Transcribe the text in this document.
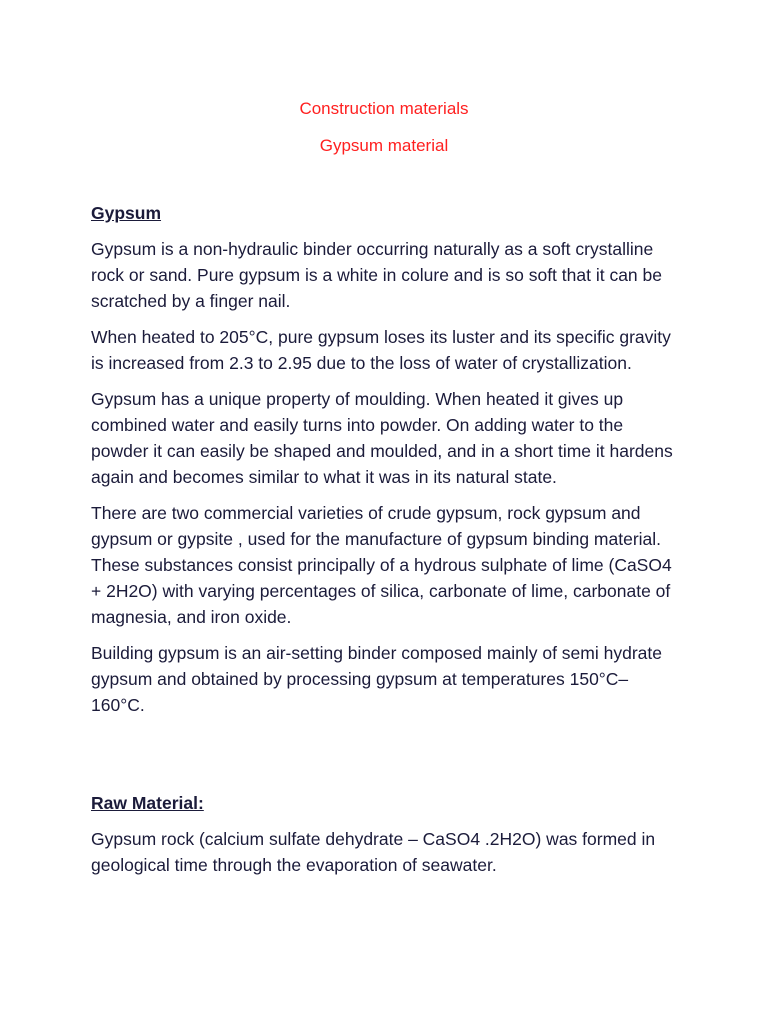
Construction materials
Gypsum material
Gypsum

Gypsum is a non-hydraulic binder occurring naturally as a soft crystalline rock or sand. Pure gypsum is a white in colure and is so soft that it can be scratched by a finger nail.

When heated to 205°C, pure gypsum loses its luster and its specific gravity is increased from 2.3 to 2.95 due to the loss of water of crystallization.

Gypsum has a unique property of moulding. When heated it gives up combined water and easily turns into powder. On adding water to the powder it can easily be shaped and moulded, and in a short time it hardens again and becomes similar to what it was in its natural state.

There are two commercial varieties of crude gypsum, rock gypsum and gypsum or gypsite , used for the manufacture of gypsum binding material. These substances consist principally of a hydrous sulphate of lime (CaSO4 + 2H2O) with varying percentages of silica, carbonate of lime, carbonate of magnesia, and iron oxide.

Building gypsum is an air-setting binder composed mainly of semi hydrate gypsum and obtained by processing gypsum at temperatures 150°C– 160°C.

Raw Material:

Gypsum rock (calcium sulfate dehydrate – CaSO4 .2H2O) was formed in geological time through the evaporation of seawater.
